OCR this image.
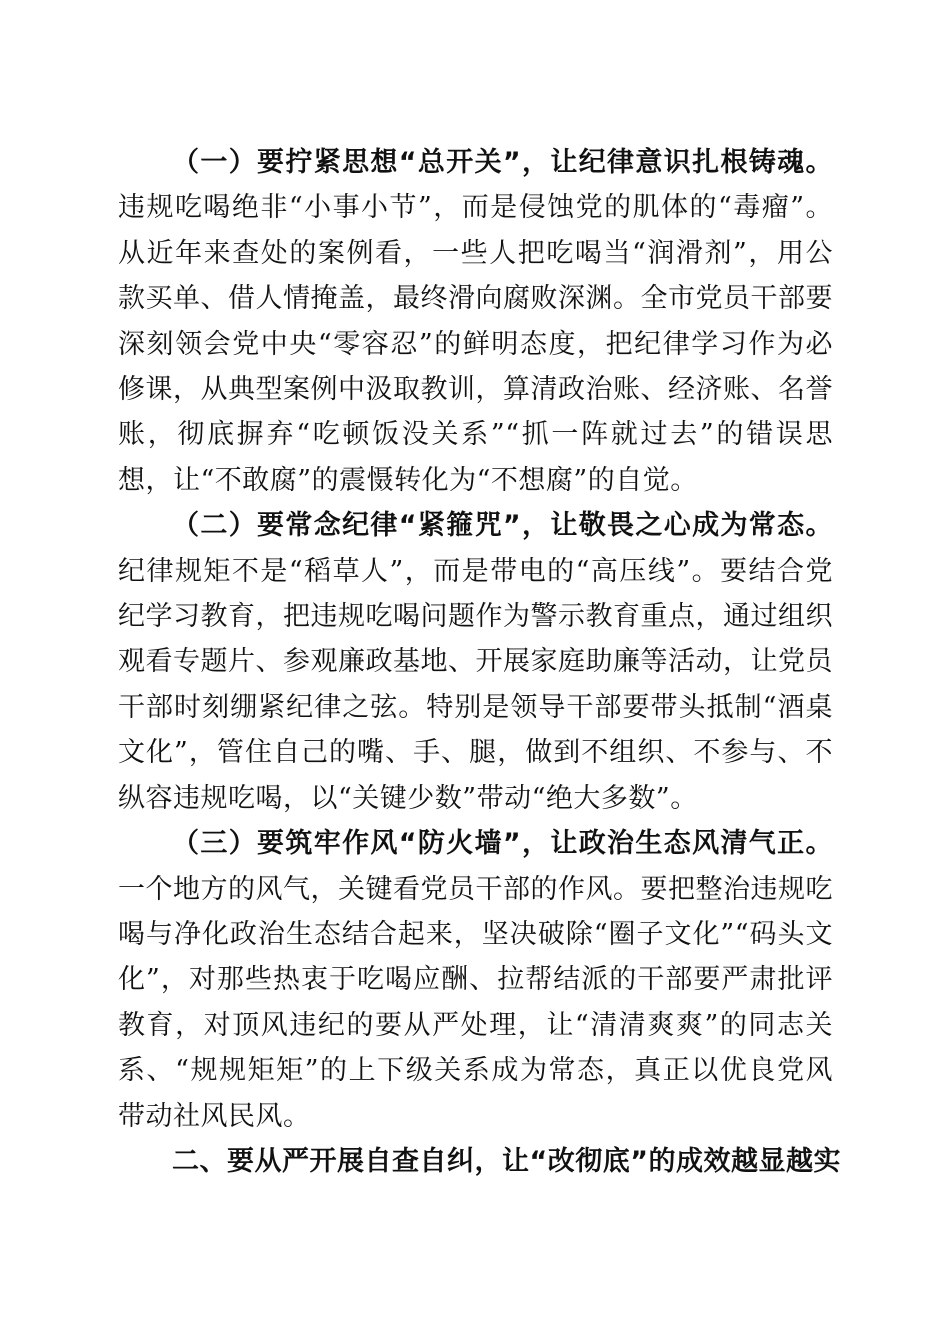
（一）要拧紧思想“总开关”，让纪律意识扎根铸魂。违规吃喝绝非“小事小节”，而是侵蚀党的肌体的“毒瘤”。从近年来查处的案例看，一些人把吃喝当“润滑剂”，用公款买单、借人情掩盖，最终滑向腐败深渊。全市党员干部要深刻领会党中央“零容忍”的鲜明态度，把纪律学习作为必修课，从典型案例中汲取教训，算清政治账、经济账、名誉账，彻底摒弃“吃顿饭没关系”“抓一阵就过去”的错误思想，让“不敢腐”的震慑转化为“不想腐”的自觉。

（二）要常念纪律“紧箍咒”，让敬畏之心成为常态。纪律规矩不是“稻草人”，而是带电的“高压线”。要结合党纪学习教育，把违规吃喝问题作为警示教育重点，通过组织观看专题片、参观廉政基地、开展家庭助廉等活动，让党员干部时刻绷紧纪律之弦。特别是领导干部要带头抵制“酒桌文化”，管住自己的嘴、手、腿，做到不组织、不参与、不纵容违规吃喝，以“关键少数”带动“绝大多数”。

（三）要筑牢作风“防火墙”，让政治生态风清气正。一个地方的风气，关键看党员干部的作风。要把整治违规吃喝与净化政治生态结合起来，坚决破除“圈子文化”“码头文化”，对那些热衷于吃喝应酬、拉帮结派的干部要严肃批评教育，对顶风违纪的要从严处理，让“清清爽爽”的同志关系、“规规矩矩”的上下级关系成为常态，真正以优良党风带动社风民风。

二、要从严开展自查自纠，让“改彻底”的成效越显越实
